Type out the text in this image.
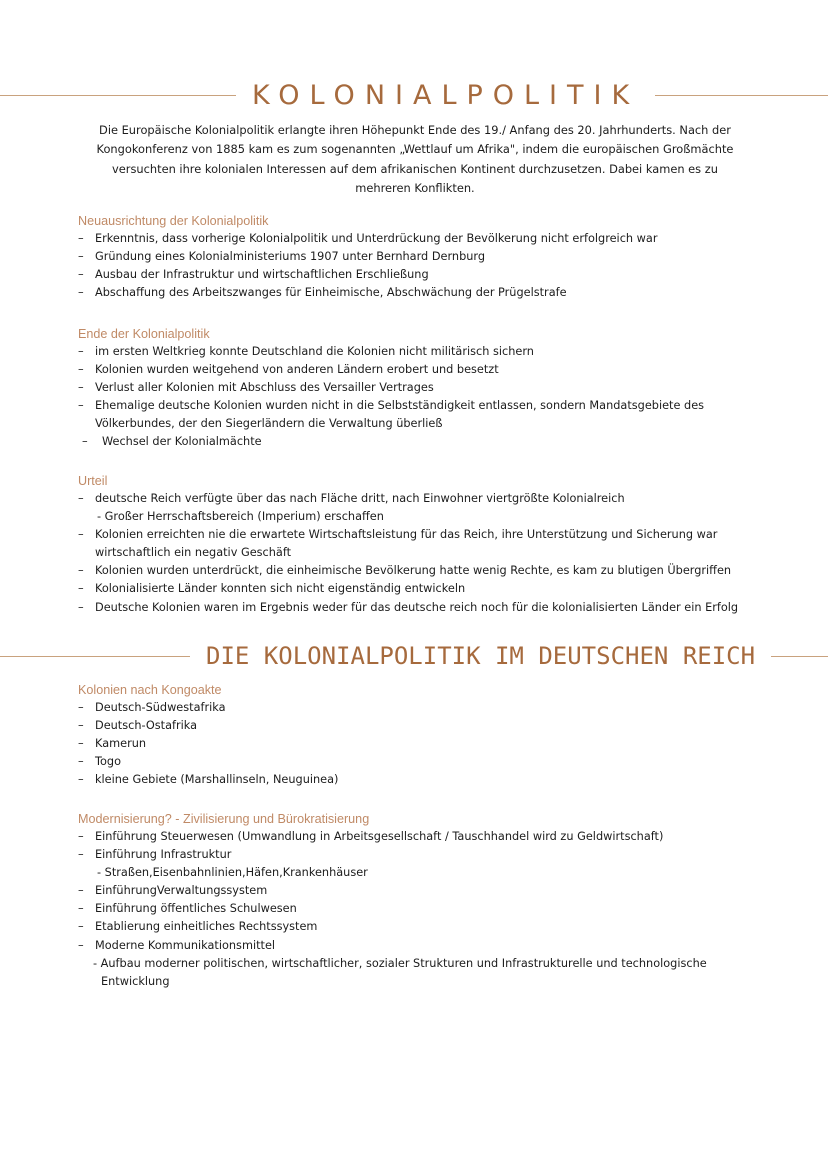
KOLONIALPOLITIK
Die Europäische Kolonialpolitik erlangte ihren Höhepunkt Ende des 19./ Anfang des 20. Jahrhunderts. Nach der Kongokonferenz von 1885 kam es zum sogenannten „Wettlauf um Afrika", indem die europäischen Großmächte versuchten ihre kolonialen Interessen auf dem afrikanischen Kontinent durchzusetzen. Dabei kamen es zu mehreren Konflikten.
Neuausrichtung der Kolonialpolitik
– Erkenntnis, dass vorherige Kolonialpolitik und Unterdrückung der Bevölkerung nicht erfolgreich war
– Gründung eines Kolonialministeriums 1907 unter Bernhard Dernburg
– Ausbau der Infrastruktur und wirtschaftlichen Erschließung
– Abschaffung des Arbeitszwanges für Einheimische, Abschwächung der Prügelstrafe
Ende der Kolonialpolitik
– im ersten Weltkrieg konnte Deutschland die Kolonien nicht militärisch sichern
– Kolonien wurden weitgehend von anderen Ländern erobert und besetzt
– Verlust aller Kolonien mit Abschluss des Versailler Vertrages
– Ehemalige deutsche Kolonien wurden nicht in die Selbstständigkeit entlassen, sondern Mandatsgebiete des
Völkerbundes, der den Siegerländern die Verwaltung überließ
– Wechsel der Kolonialmächte
Urteil
– deutsche Reich verfügte über das nach Fläche dritt, nach Einwohner viertgrößte Kolonialreich
- Großer Herrschaftsbereich (Imperium) erschaffen
– Kolonien erreichten nie die erwartete Wirtschaftsleistung für das Reich, ihre Unterstützung und Sicherung war
wirtschaftlich ein negativ Geschäft
– Kolonien wurden unterdrückt, die einheimische Bevölkerung hatte wenig Rechte, es kam zu blutigen Übergriffen
– Kolonialisierte Länder konnten sich nicht eigenständig entwickeln
– Deutsche Kolonien waren im Ergebnis weder für das deutsche reich noch für die kolonialisierten Länder ein Erfolg
DIE KOLONIALPOLITIK IM DEUTSCHEN REICH
Kolonien nach Kongoakte
– Deutsch-Südwestafrika
– Deutsch-Ostafrika
– Kamerun
– Togo
– kleine Gebiete (Marshallinseln, Neuguinea)
Modernisierung? - Zivilisierung und Bürokratisierung
– Einführung Steuerwesen (Umwandlung in Arbeitsgesellschaft / Tauschhandel wird zu Geldwirtschaft)
– Einführung Infrastruktur
- Straßen,Eisenbahnlinien,Häfen,Krankenhäuser
– EinführungVerwaltungssystem
– Einführung öffentliches Schulwesen
– Etablierung einheitliches Rechtssystem
– Moderne Kommunikationsmittel
- Aufbau moderner politischen, wirtschaftlicher, sozialer Strukturen und Infrastrukturelle und technologische
Entwicklung
